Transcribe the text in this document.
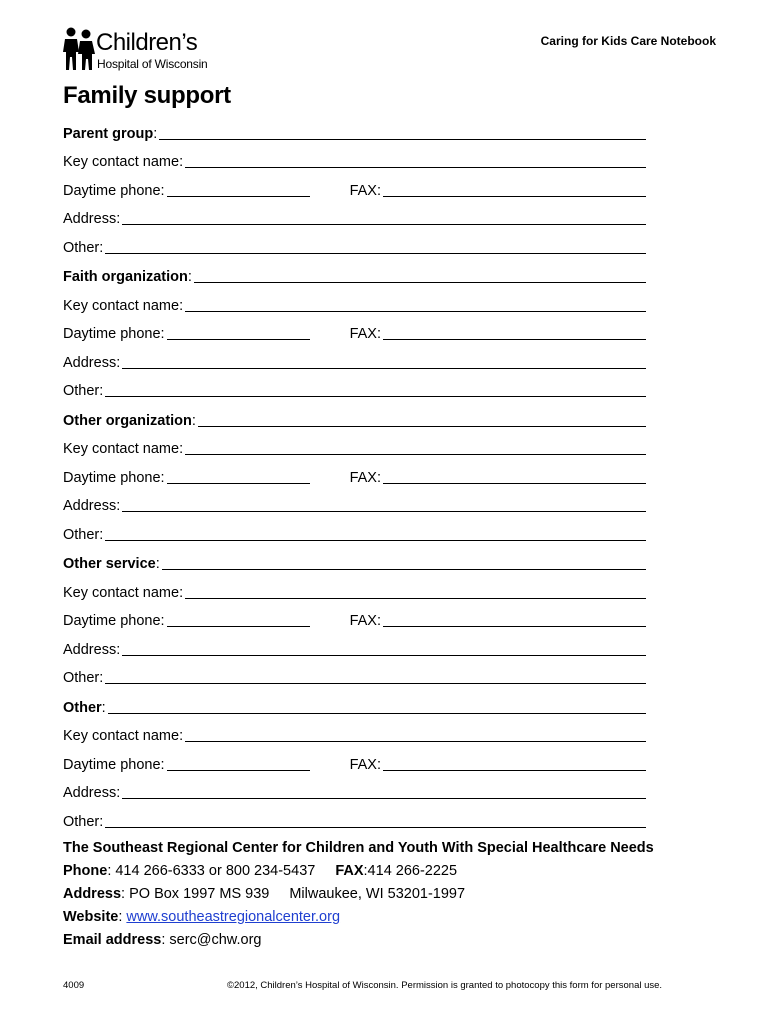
Children’s
Hospital of Wisconsin
Caring for Kids Care Notebook
Family support
Parent group:
Key contact name:
Daytime phone:	FAX:
Address:
Other:
Faith organization:
Key contact name:
Daytime phone:	FAX:
Address:
Other:
Other organization:
Key contact name:
Daytime phone:	FAX:
Address:
Other:
Other service:
Key contact name:
Daytime phone:	FAX:
Address:
Other:
Other:
Key contact name:
Daytime phone:	FAX:
Address:
Other:
The Southeast Regional Center for Children and Youth With Special Healthcare Needs
Phone: 414 266-6333 or 800 234-5437 FAX:414 266-2225
Address: PO Box 1997 MS 939 Milwaukee, WI 53201-1997
Website: www.southeastregionalcenter.org
Email address: serc@chw.org
4009	©2012, Children’s Hospital of Wisconsin. Permission is granted to photocopy this form for personal use.
